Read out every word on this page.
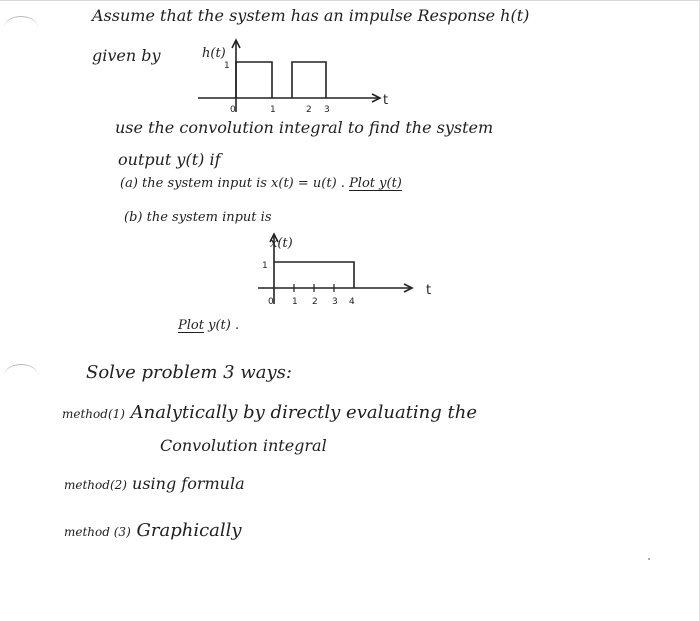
Assume that the system has an impulse Response h(t)
given by	h(t)
1
0	1	2 3
t
use the convolution integral to find the system
output y(t) if
(a) the system input is x(t) = u(t) . Plot y(t)
(b) the system input is
1
0 1 2 3 4
t
x(t)
Plot y(t) .
Solve problem 3 ways:
method(1) Analytically by directly evaluating the
Convolution integral
method(2) using formula
method (3) Graphically
